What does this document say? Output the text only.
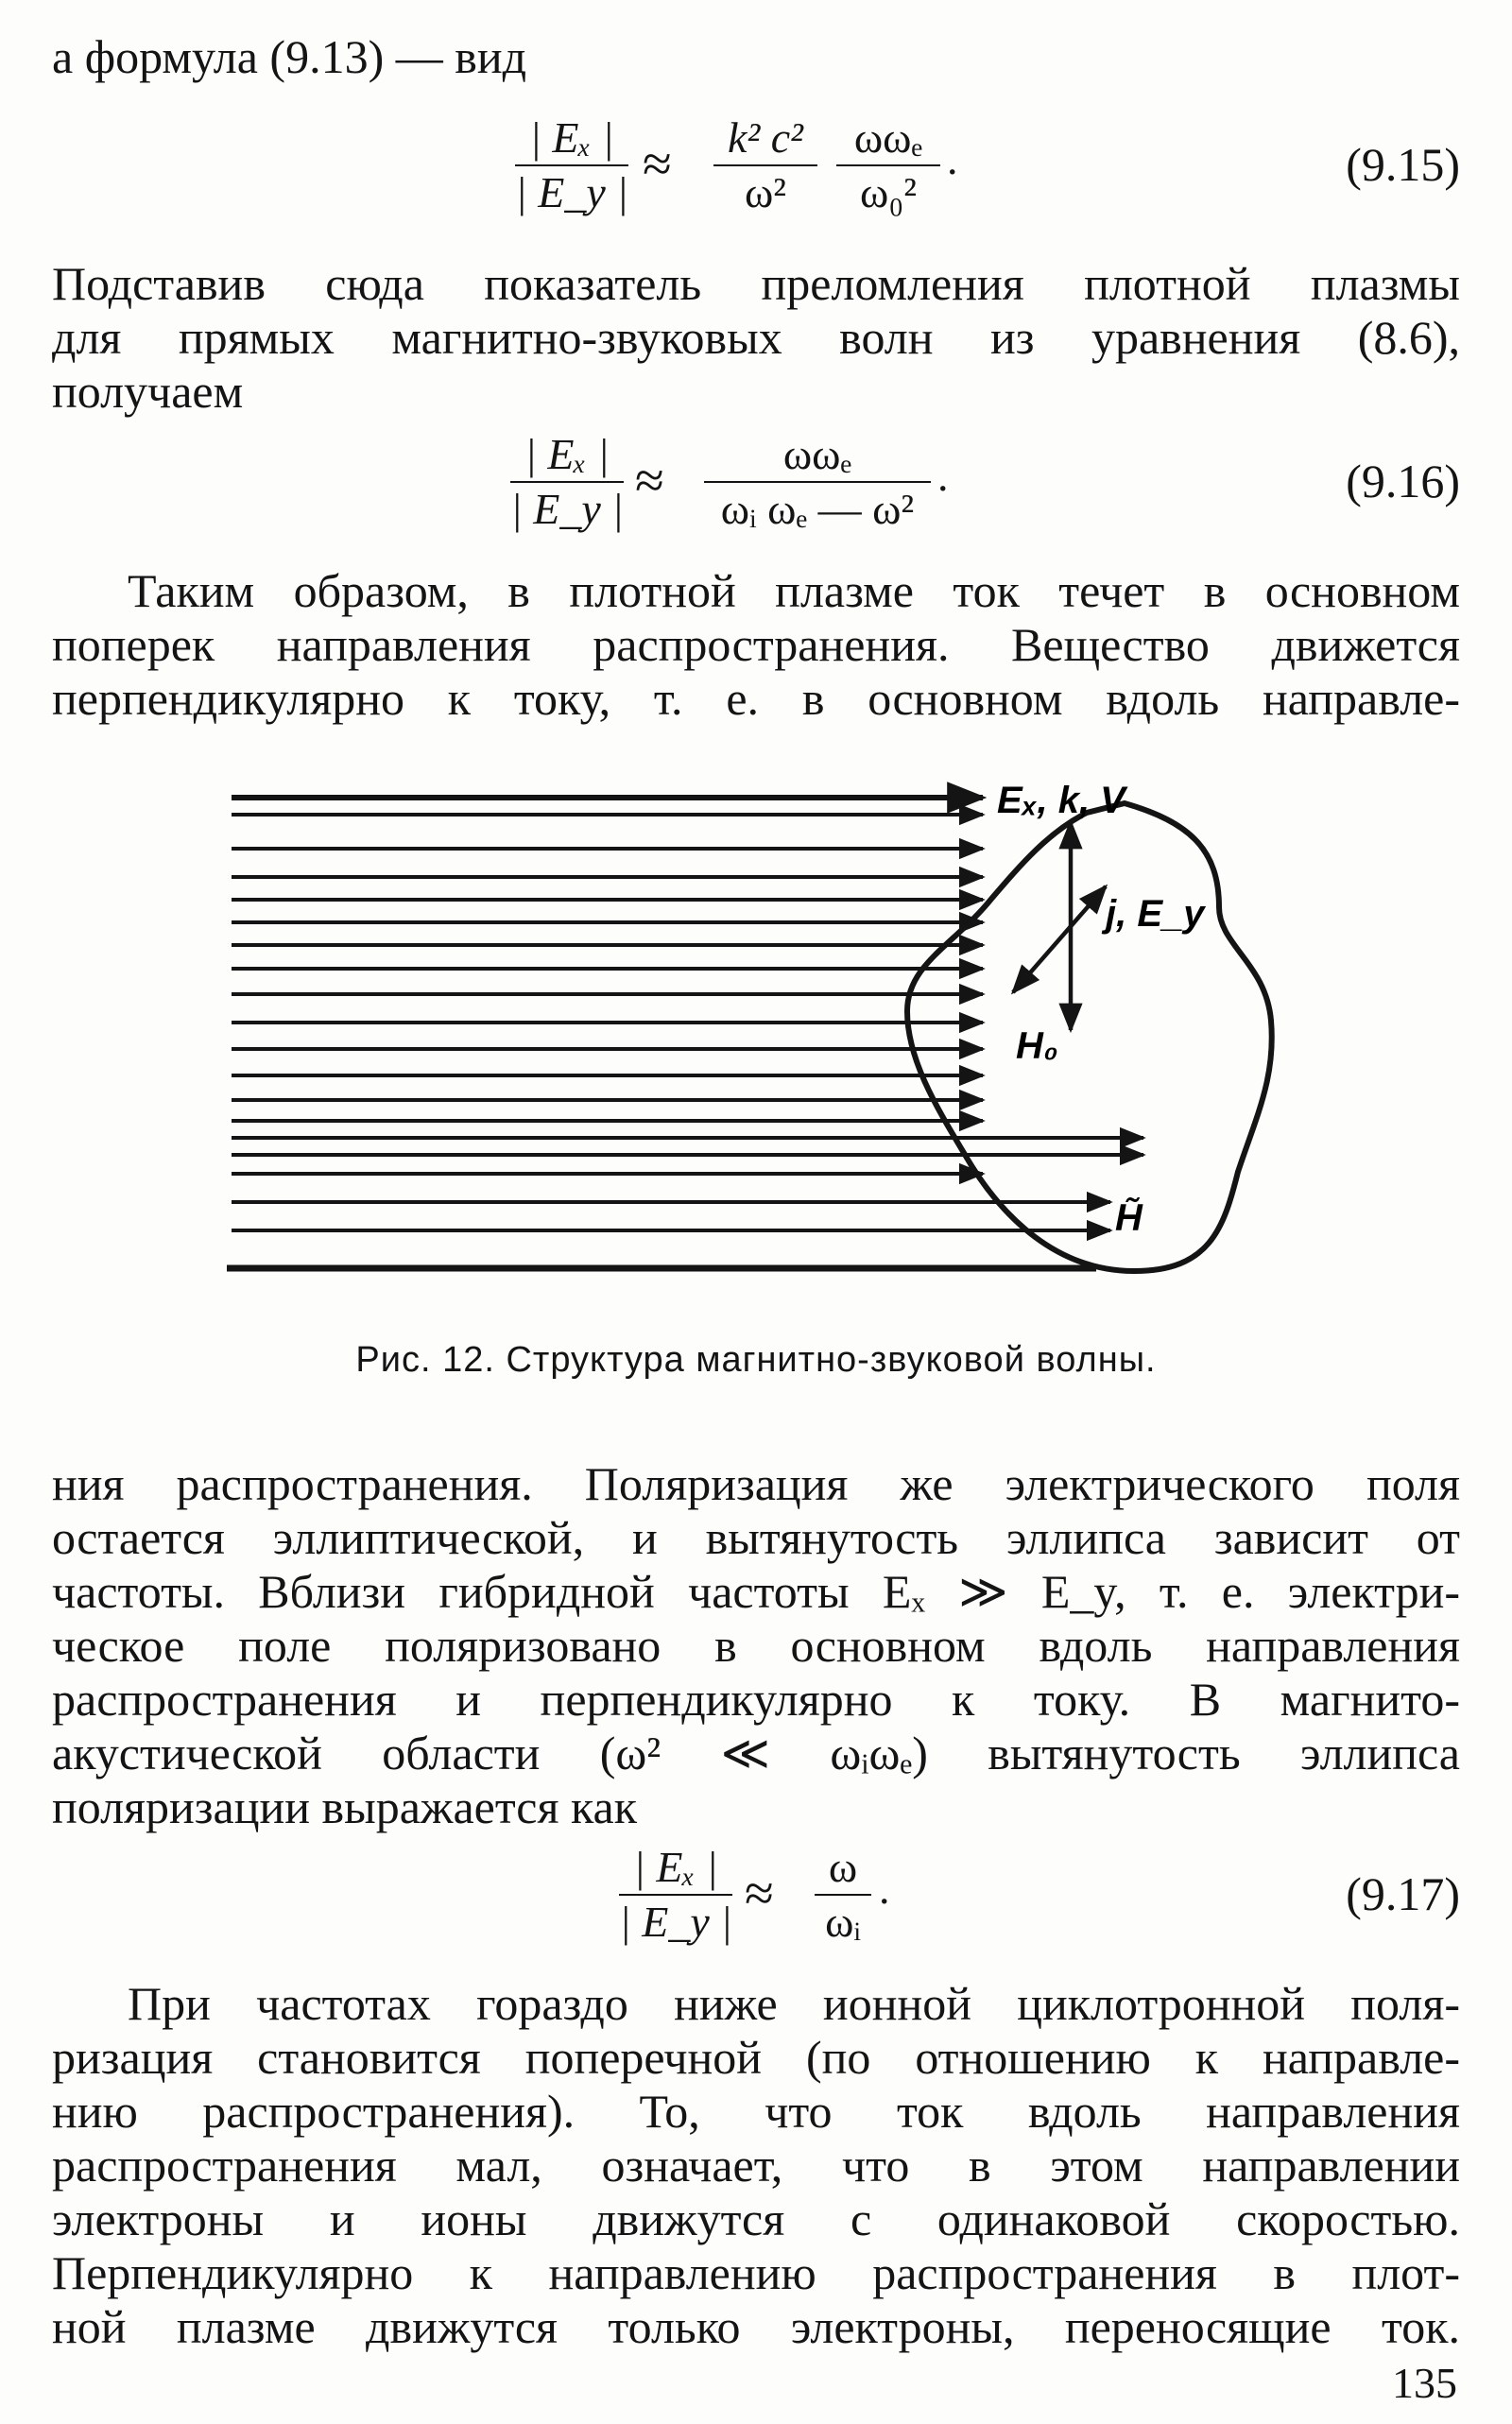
а формула (9.13) — вид
| Eₓ |
| E_y | ≈	k² c²
ω²
ωωₑ
ω₀²
.	(9.15)
Подставив сюда показатель преломления плотной плазмы
для прямых магнитно-звуковых волн из уравнения (8.6),
получаем
| Eₓ |
| E_y | ≈	ωωₑ
ωᵢ ωₑ — ω²
.	(9.16)
Таким образом, в плотной плазме ток течет в основном
поперек направления распространения. Вещество движется
перпендикулярно к току, т. е. в основном вдоль направле-
Eₓ, k, V
j, E_y
H₀
H̃
Рис. 12. Структура магнитно-звуковой волны.
ния распространения. Поляризация же электрического поля
остается эллиптической, и вытянутость эллипса зависит от
частоты. Вблизи гибридной частоты Eₓ ≫ E_y, т. е. электри-
ческое поле поляризовано в основном вдоль направления
распространения и перпендикулярно к току. В магнито-
акустической области (ω² ≪ ωᵢωₑ) вытянутость эллипса
поляризации выражается как
| Eₓ |
| E_y | ≈	ω
ωᵢ
.	(9.17)
При частотах гораздо ниже ионной циклотронной поля-
ризация становится поперечной (по отношению к направле-
нию распространения). То, что ток вдоль направления
распространения мал, означает, что в этом направлении
электроны и ионы движутся с одинаковой скоростью.
Перпендикулярно к направлению распространения в плот-
ной плазме движутся только электроны, переносящие ток.
135
